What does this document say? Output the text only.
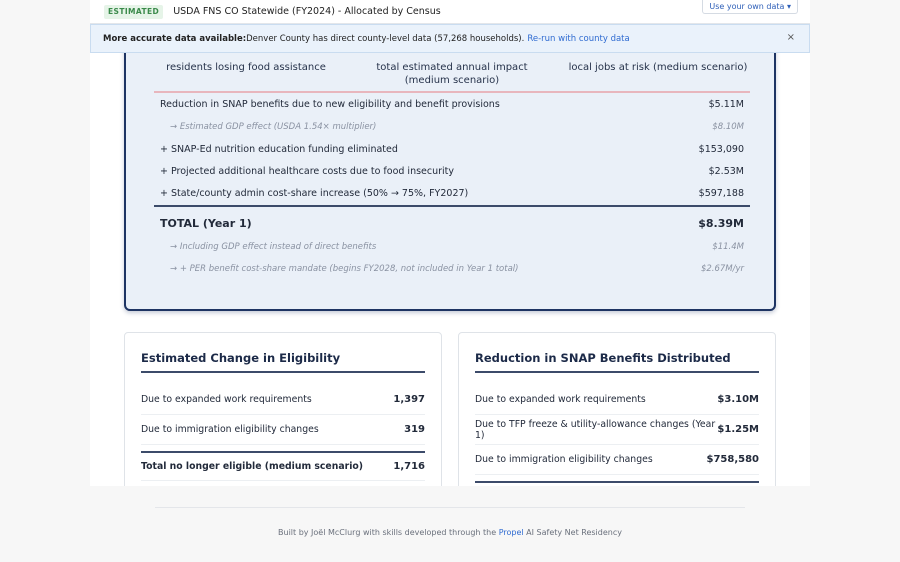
ESTIMATED	USDA FNS CO Statewide (FY2024) - Allocated by Census	Use your own data ▾
More accurate data available: Denver County has direct county-level data (57,268 households). Re-run with county data	×
residents losing food assistance	total estimated annual impact
(medium scenario)
local jobs at risk (medium scenario)
Reduction in SNAP benefits due to new eligibility and benefit provisions	$5.11M
→ Estimated GDP effect (USDA 1.54× multiplier)	$8.10M
+ SNAP-Ed nutrition education funding eliminated	$153,090
+ Projected additional healthcare costs due to food insecurity	$2.53M
+ State/county admin cost-share increase (50% → 75%, FY2027)	$597,188
TOTAL (Year 1)	$8.39M
→ Including GDP effect instead of direct benefits	$11.4M
→ + PER benefit cost-share mandate (begins FY2028, not included in Year 1 total)	$2.67M/yr
Estimated Change in Eligibility
Due to expanded work requirements	1,397
Due to immigration eligibility changes	319
Total no longer eligible (medium scenario)	1,716
Reduction in SNAP Benefits Distributed
Due to expanded work requirements	$3.10M
Due to TFP freeze & utility-allowance changes (Year 1)	$1.25M
Due to immigration eligibility changes	$758,580
Built by Joël McClurg with skills developed through the Propel AI Safety Net Residency
